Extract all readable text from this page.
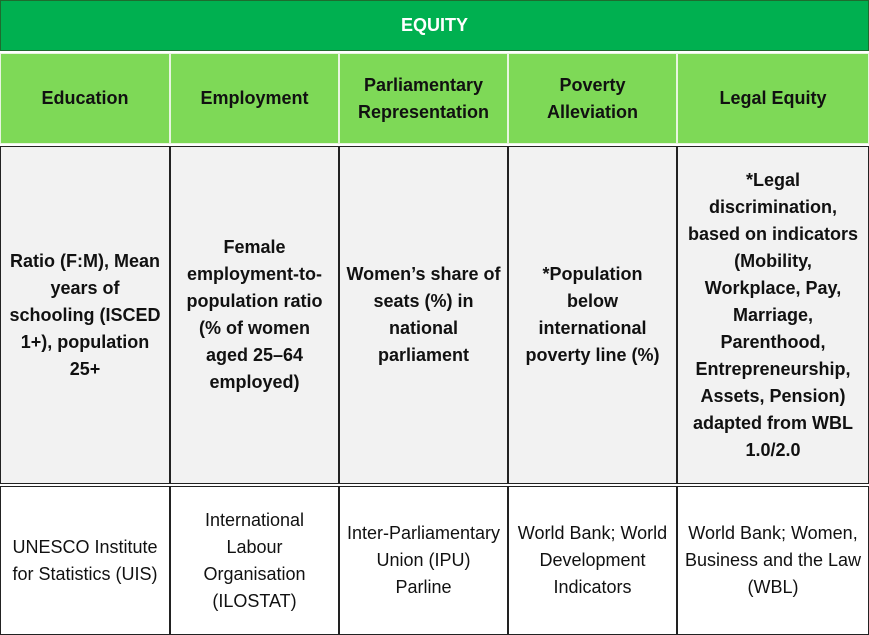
EQUITY
Education	Employment
Parliamentary Representation
Poverty Alleviation
Legal Equity
Ratio (F:M), Mean years of schooling (ISCED 1+), population 25+
Female employment-to-population ratio (% of women aged 25–64 employed)
Women’s share of seats (%) in national parliament
*Population below international poverty line (%)
*Legal discrimination, based on indicators (Mobility, Workplace, Pay, Marriage, Parenthood, Entrepreneurship, Assets, Pension) adapted from WBL 1.0/2.0
UNESCO Institute for Statistics (UIS)
International Labour Organisation (ILOSTAT)
Inter-Parliamentary Union (IPU) Parline
World Bank; World Development Indicators
World Bank; Women, Business and the Law (WBL)
